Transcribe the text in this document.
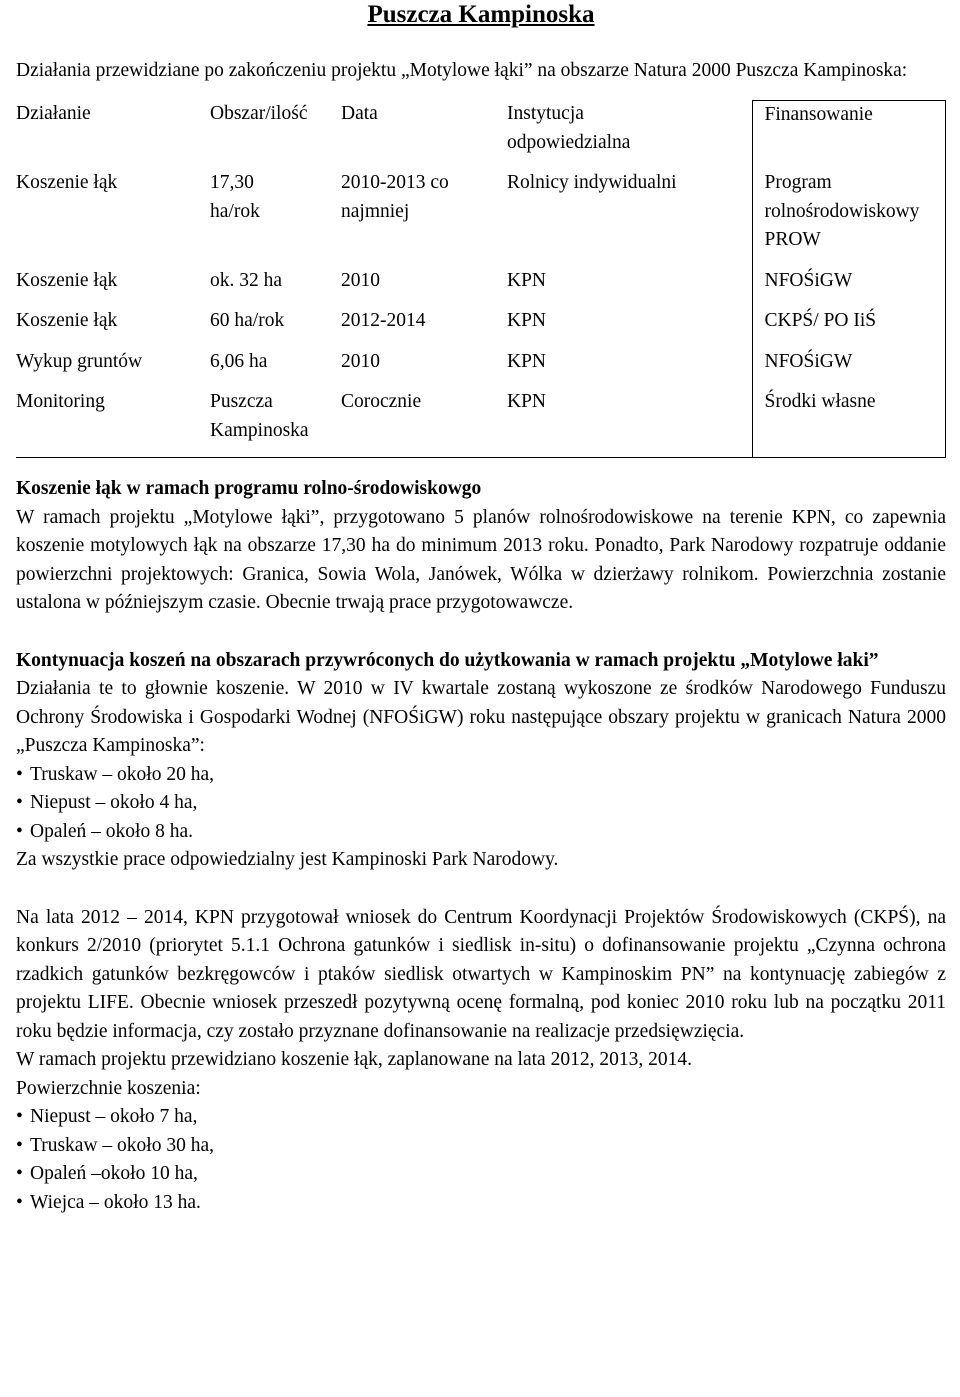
Puszcza Kampinoska
Działania przewidziane po zakończeniu projektu „Motylowe łąki” na obszarze Natura 2000 Puszcza Kampinoska:
Działanie	Obszar/ilość	Data	Instytucja odpowiedzialna	Finansowanie
Koszenie łąk	17,30 ha/rok	2010-2013 co najmniej	Rolnicy indywidualni	Program rolnośrodowiskowy PROW
Koszenie łąk	ok. 32 ha	2010	KPN	NFOŚiGW
Koszenie łąk	60 ha/rok	2012-2014	KPN	CKPŚ/ PO IiŚ
Wykup gruntów	6,06 ha	2010	KPN	NFOŚiGW
Monitoring	Puszcza Kampinoska	Corocznie	KPN	Środki własne
Koszenie łąk w ramach programu rolno-środowiskowgo
W ramach projektu „Motylowe łąki”, przygotowano 5 planów rolnośrodowiskowe na terenie KPN, co zapewnia koszenie motylowych łąk na obszarze 17,30 ha do minimum 2013 roku. Ponadto, Park Narodowy rozpatruje oddanie powierzchni projektowych: Granica, Sowia Wola, Janówek, Wólka w dzierżawy rolnikom. Powierzchnia zostanie ustalona w późniejszym czasie. Obecnie trwają prace przygotowawcze.
Kontynuacja koszeń na obszarach przywróconych do użytkowania w ramach projektu „Motylowe łaki”
Działania te to głownie koszenie. W 2010 w IV kwartale zostaną wykoszone ze środków Narodowego Funduszu Ochrony Środowiska i Gospodarki Wodnej (NFOŚiGW) roku następujące obszary projektu w granicach Natura 2000 „Puszcza Kampinoska”:
• Truskaw – około 20 ha,
• Niepust – około 4 ha,
• Opaleń – około 8 ha.
Za wszystkie prace odpowiedzialny jest Kampinoski Park Narodowy.
Na lata 2012 – 2014, KPN przygotował wniosek do Centrum Koordynacji Projektów Środowiskowych (CKPŚ), na konkurs 2/2010 (priorytet 5.1.1 Ochrona gatunków i siedlisk in-situ) o dofinansowanie projektu „Czynna ochrona rzadkich gatunków bezkręgowców i ptaków siedlisk otwartych w Kampinoskim PN” na kontynuację zabiegów z projektu LIFE. Obecnie wniosek przeszedł pozytywną ocenę formalną, pod koniec 2010 roku lub na początku 2011 roku będzie informacja, czy zostało przyznane dofinansowanie na realizacje przedsięwzięcia.
W ramach projektu przewidziano koszenie łąk, zaplanowane na lata 2012, 2013, 2014.
Powierzchnie koszenia:
• Niepust – około 7 ha,
• Truskaw – około 30 ha,
• Opaleń –około 10 ha,
• Wiejca – około 13 ha.
